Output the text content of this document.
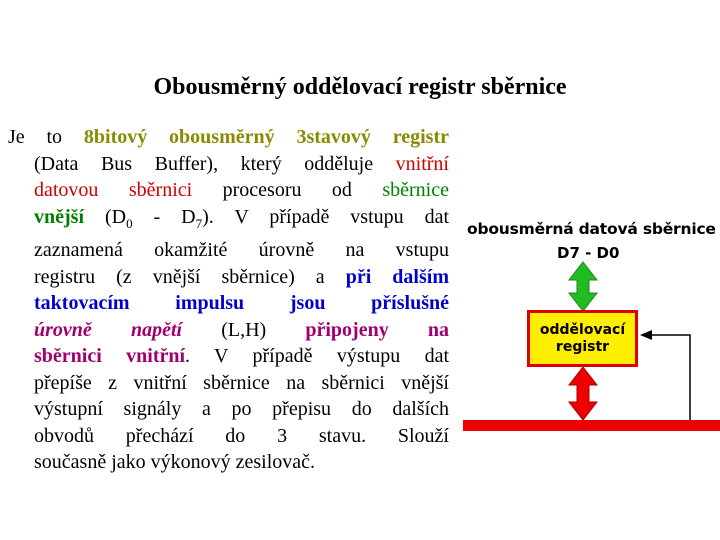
Obousměrný oddělovací registr sběrnice
Je to 8bitový obousměrný 3stavový registr
(Data Bus Buffer), který odděluje vnitřní
datovou sběrnici procesoru od sběrnice
vnější $(D_0 - D_7)$. V případě vstupu dat
zaznamená okamžité úrovně na vstupu
registru (z vnější sběrnice) a při dalším
taktovacím impulsu jsou příslušné
úrovně napětí (L,H) připojeny na
sběrnici vnitřní. V případě výstupu dat
přepíše z vnitřní sběrnice na sběrnici vnější
výstupní signály a po přepisu do dalších
obvodů přechází do 3 stavu. Slouží
současně jako výkonový zesilovač.
obousměrná datová sběrnice
D7 - D0
oddělovací
registr
